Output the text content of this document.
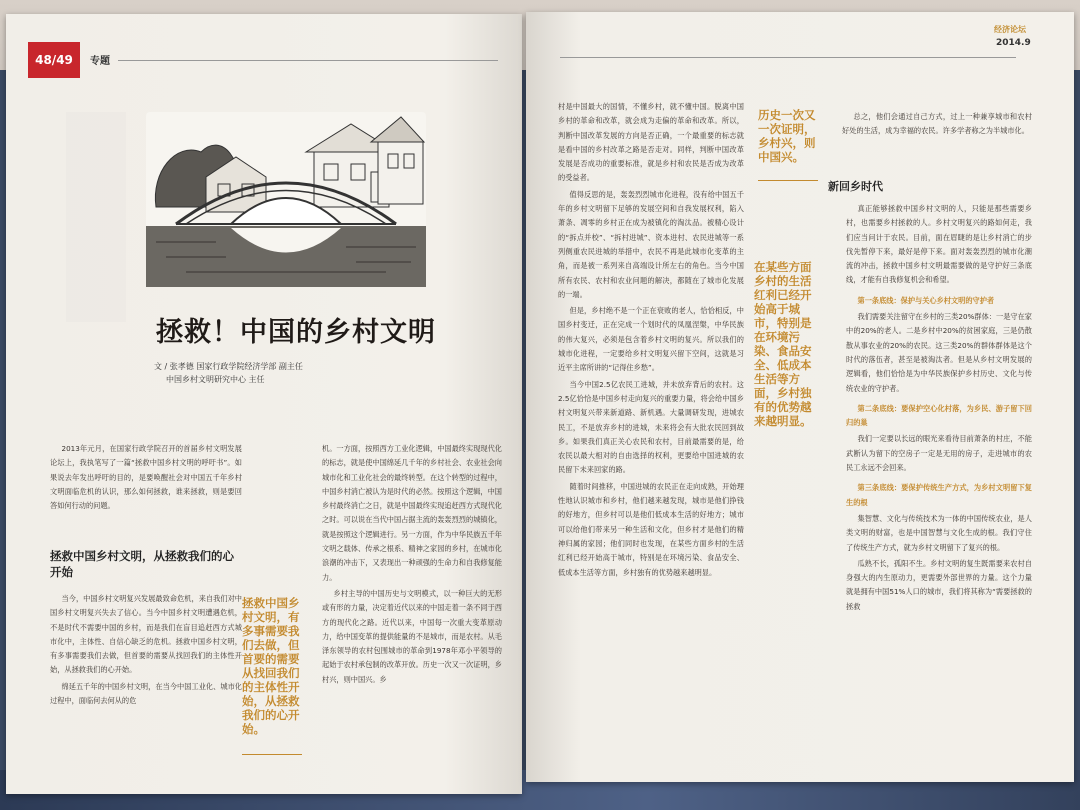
48/49	专题
拯救！中国的乡村文明
文 / 张孝德 国家行政学院经济学部 副主任
中国乡村文明研究中心 主任

2013年元月，在国家行政学院召开的首届乡村文明发展论坛上，我执笔写了一篇“拯救中国乡村文明的呼吁书”。如果说去年发出呼吁的目的，是要唤醒社会对中国五千年乡村文明面临危机的认识，那么如何拯救，谁来拯救，则是要回答如何行动的问题。

拯救中国乡村文明，从拯救我们的心开始

当今，中国乡村文明复兴发展最致命危机，来自我们对中国乡村文明复兴失去了信心。当今中国乡村文明遭遇危机，不是时代不需要中国的乡村，而是我们在盲目追赶西方式城市化中，主体性、自信心缺乏的危机。拯救中国乡村文明，有多事需要我们去做，但首要的需要从找回我们的主体性开始，从拯救我们的心开始。

绵延五千年的中国乡村文明，在当今中国工业化、城市化过程中，面临何去何从的危

拯救中国乡村文明，有多事需要我们去做，但首要的需要从找回我们的主体性开始，从拯救我们的心开始。

机。一方面，按照西方工业化逻辑，中国最终实现现代化的标志，就是使中国绵延几千年的乡村社会、农业社会向城市化和工业化社会的最终转型。在这个转型的过程中，中国乡村消亡被认为是时代的必然。按照这个逻辑，中国乡村最终消亡之日，就是中国最终实现追赶西方式现代化之时。可以说在当代中国占据主流的轰轰烈烈的城镇化，就是按照这个逻辑进行。另一方面，作为中华民族五千年文明之载体、传承之根系、精神之家园的乡村，在城市化浪潮的冲击下，又表现出一种顽强的生命力和自我修复能力。

乡村主导的中国历史与文明模式，以一种巨大的无形或有形的力量，决定着近代以来的中国走着一条不同于西方的现代化之路。近代以来，中国每一次重大变革原动力，给中国变革的提供能量的不是城市，而是农村。从毛泽东领导的农村包围城市的革命到1978年邓小平领导的起始于农村承包制的改革开放。历史一次又一次证明，乡村兴，则中国兴。乡

经济论坛
2014.9

村是中国最大的国情，不懂乡村，就不懂中国。脱离中国乡村的革命和改革，就会成为走偏的革命和改革。所以，判断中国改革发展的方向是否正确，一个最重要的标志就是看中国的乡村改革之路是否走对。同样，判断中国改革发展是否成功的重要标准，就是乡村和农民是否成为改革的受益者。

值得反思的是，轰轰烈烈城市化进程，没有给中国五千年的乡村文明留下足够的发展空间和自我发展权利，陷入萧条、凋零的乡村正在成为被镇化的淘汰品。被精心设计的“拆点并校”、“拆村进城”、资本进村、农民进城等一系列侧重农民进城的举措中，农民不再是此城市化变革的主角，而是被一系列来自高端设计所左右的角色。当今中国所有农民、农村和农业问题的解决，都随在了城市化发展的一端。

但是，乡村绝不是一个正在衰败的老人，恰恰相反，中国乡村变迁，正在完成一个划时代的凤凰涅槃，中华民族的伟大复兴，必须是包含着乡村文明的复兴。所以我们的城市化进程，一定要给乡村文明复兴留下空间，这就是习近平主席所讲的“记得住乡愁”。

当今中国2.5亿农民工进城，并未放弃背后的农村。这2.5亿恰恰是中国乡村走向复兴的重要力量，将会给中国乡村文明复兴带来新道路、新机遇。大量调研发现，进城农民工，不是放弃乡村的进城，未来将会有大批农民回到故乡。如果我们真正关心农民和农村，目前最需要的是，给农民以最大相对的自由选择的权利，更要给中国进城的农民留下未来回家的路。

随着时间推移，中国进城的农民正在走向成熟，开始理性地认识城市和乡村，他们越来越发现，城市是他们挣钱的好地方，但乡村可以是他们低成本生活的好地方；城市可以给他们带来另一种生活和文化，但乡村才是他们的精神归属的家园；他们同时也发现，在某些方面乡村的生活红利已经开始高于城市，特别是在环境污染、食品安全、低成本生活等方面，乡村独有的优势越来越明显。

历史一次又一次证明，乡村兴，则中国兴。
在某些方面乡村的生活红利已经开始高于城市，特别是在环境污染、食品安全、低成本生活等方面，乡村独有的优势越来越明显。

总之，他们会通过自己方式，过上一种兼享城市和农村好处的生活，成为幸福的农民。许多学者称之为半城市化。

新回乡时代

真正能够拯救中国乡村文明的人，只能是那些需要乡村，也需要乡村拯救的人。乡村文明复兴的路如何走，我们应当问计于农民。目前，面在眉睫的是让乡村消亡的步伐先暂停下来，最好是停下来。面对轰轰烈烈的城市化潮流的冲击，拯救中国乡村文明最需要做的是守护好三条底线，才能有自我修复机会和希望。

第一条底线：保护与关心乡村文明的守护者

我们需要关注留守在乡村的三类20%群体：一是守在家中的20%的老人。二是乡村中20%的贫困家庭，三是仍散散从事农业的20%的农民。这三类20%的群体群体是这个时代的落伍者，甚至是被淘汰者。但是从乡村文明发展的逻辑看，他们恰恰是为中华民族保护乡村历史、文化与传统农业的守护者。

第二条底线：要保护空心化村落，为乡民、游子留下回归的巢

我们一定要以长远的眼光来看待目前萧条的村庄，不能武断认为留下的空房子一定是无用的房子，走进城市的农民工永远不会回来。

第三条底线：要保护传统生产方式，为乡村文明留下复生的根

集智慧、文化与传统技术为一体的中国传统农业，是人类文明的财富，也是中国智慧与文化生成的根。我们守住了传统生产方式，就为乡村文明留下了复兴的根。

瓜熟不长，孤阳不生。乡村文明的复生既需要来农村自身强大的内生原动力，更需要外部世界的力量。这个力量就是拥有中国51%人口的城市，我们将其称为“需要拯救的拯救
